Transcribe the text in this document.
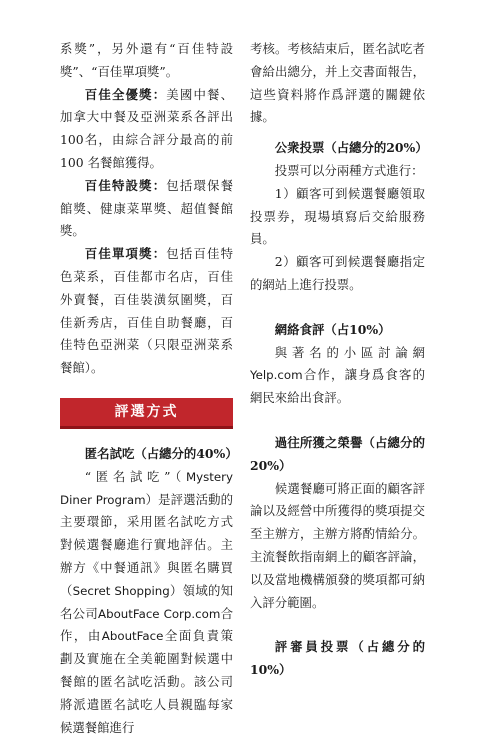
系獎”，另外還有“百佳特設獎”、“百佳單項獎”。

百佳全優獎：美國中餐、加拿大中餐及亞洲菜系各評出100名，由綜合評分最高的前100 名餐館獲得。

百佳特設獎：包括環保餐館獎、健康菜單獎、超值餐館獎。

百佳單項獎：包括百佳特色菜系，百佳都市名店，百佳外賣餐，百佳裝潢氛圍獎，百佳新秀店，百佳自助餐廳，百佳特色亞洲菜（只限亞洲菜系餐館）。

評選方式

匿名試吃（占總分的40%）

“匿名試吃”（Mystery Diner Program）是評選活動的主要環節，采用匿名試吃方式對候選餐廳進行實地評估。主辦方《中餐通訊》與匿名購買（Secret Shopping）領域的知名公司AboutFace Corp.com合作，由AboutFace全面負責策劃及實施在全美範圍對候選中餐館的匿名試吃活動。該公司將派遣匿名試吃人員親臨每家候選餐館進行

考核。考核結束后，匿名試吃者會給出總分，并上交書面報告，這些資料將作爲評選的關鍵依據。

公衆投票（占總分的20%）

投票可以分兩種方式進行：

1）顧客可到候選餐廳領取投票券，現場填寫后交給服務員。

2）顧客可到候選餐廳指定的網站上進行投票。

網絡食評（占10%）

與著名的小區討論網Yelp.com合作，讓身爲食客的網民來給出食評。

過往所獲之榮譽（占總分的20%）

候選餐廳可將正面的顧客評論以及經營中所獲得的獎項提交至主辦方，主辦方將酌情給分。主流餐飲指南網上的顧客評論，以及當地機構頒發的獎項都可納入評分範圍。

評審員投票（占總分的10%）
